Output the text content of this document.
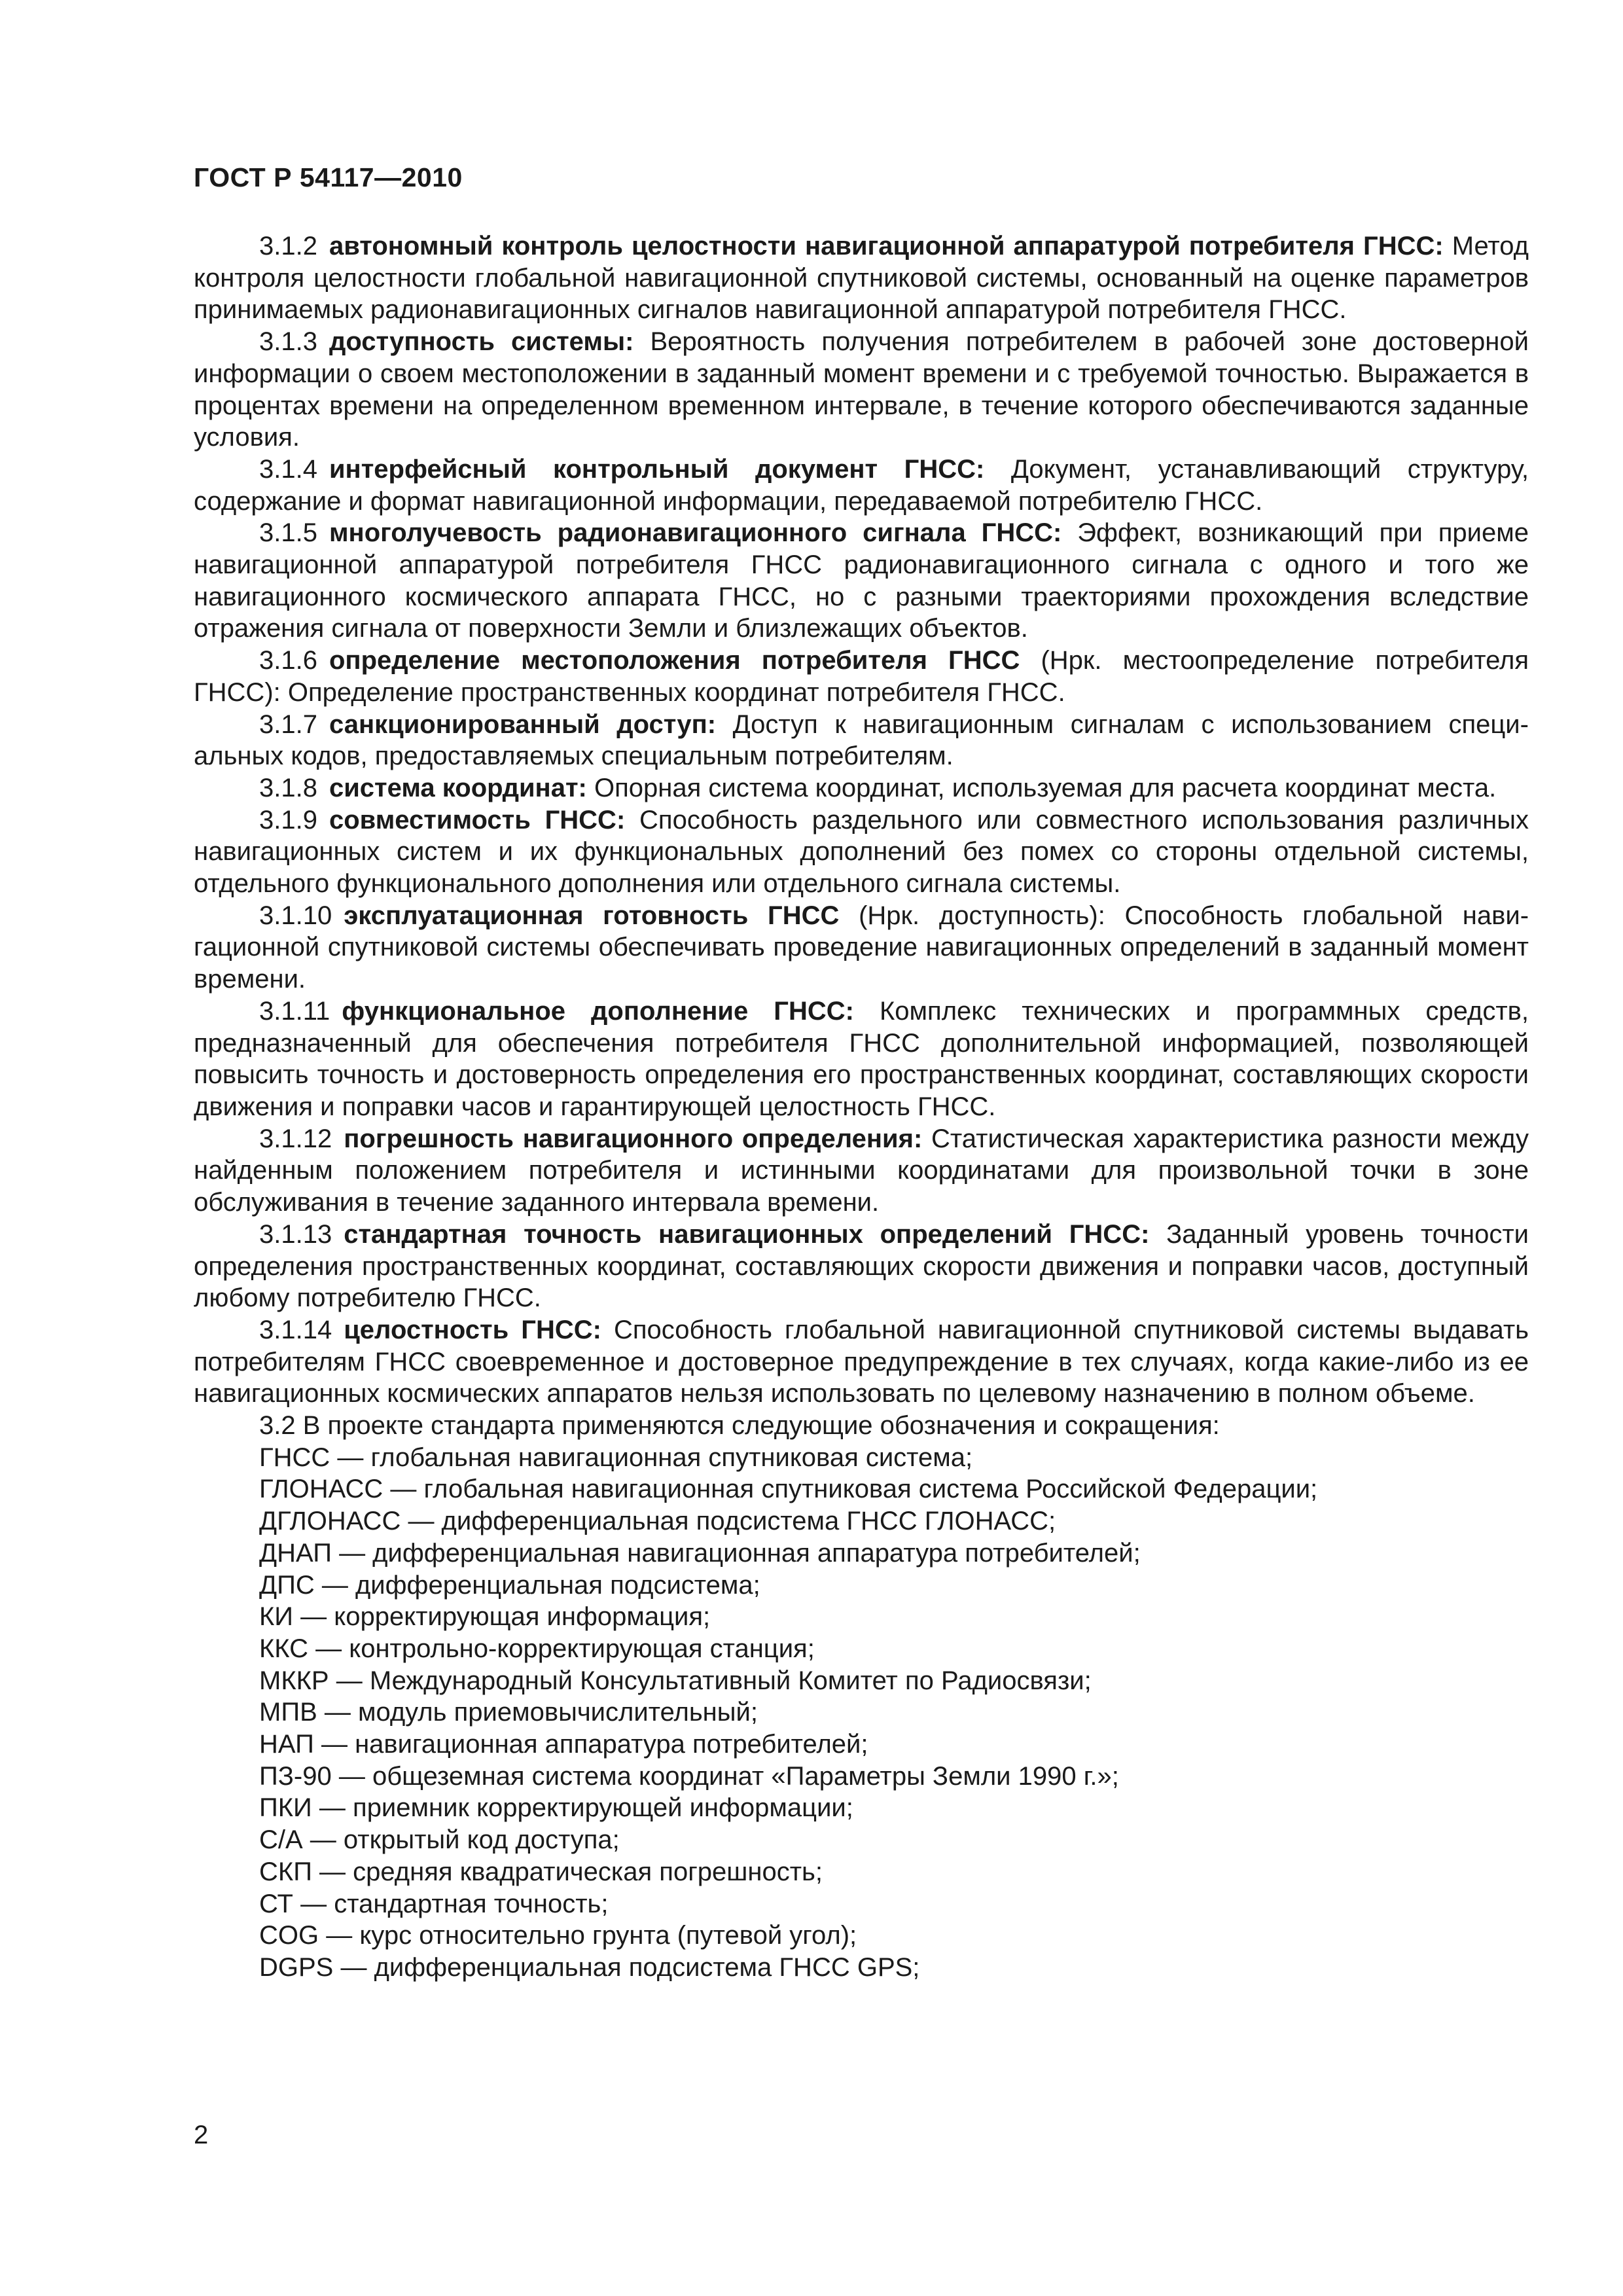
ГОСТ Р 54117—2010

3.1.2 автономный контроль целостности навигационной аппаратурой потребителя ГНСС: Метод контроля целостности глобальной навигационной спутниковой системы, основанный на оценке параметров принимаемых радионавигационных сигналов навигационной аппаратурой потребителя ГНСС.

3.1.3 доступность системы: Вероятность получения потребителем в рабочей зоне достоверной информации о своем местоположении в заданный момент времени и с требуемой точностью. Выражается в процентах времени на определенном временном интервале, в течение которого обеспечиваются заданные условия.

3.1.4 интерфейсный контрольный документ ГНСС: Документ, устанавливающий структуру, содержание и формат навигационной информации, передаваемой потребителю ГНСС.

3.1.5 многолучевость радионавигационного сигнала ГНСС: Эффект, возникающий при приеме навигационной аппаратурой потребителя ГНСС радионавигационного сигнала с одного и того же навигационного космического аппарата ГНСС, но с разными траекториями прохождения вследствие отражения сигнала от поверхности Земли и близлежащих объектов.

3.1.6 определение местоположения потребителя ГНСС (Нрк. местоопределение потребителя ГНСС): Определение пространственных координат потребителя ГНСС.

3.1.7 санкционированный доступ: Доступ к навигационным сигналам с использованием специальных кодов, предоставляемых специальным потребителям.

3.1.8 система координат: Опорная система координат, используемая для расчета координат места.

3.1.9 совместимость ГНСС: Способность раздельного или совместного использования различных навигационных систем и их функциональных дополнений без помех со стороны отдельной системы, отдельного функционального дополнения или отдельного сигнала системы.

3.1.10 эксплуатационная готовность ГНСС (Нрк. доступность): Способность глобальной навигационной спутниковой системы обеспечивать проведение навигационных определений в заданный момент времени.

3.1.11 функциональное дополнение ГНСС: Комплекс технических и программных средств, предназначенный для обеспечения потребителя ГНСС дополнительной информацией, позволяющей повысить точность и достоверность определения его пространственных координат, составляющих скорости движения и поправки часов и гарантирующей целостность ГНСС.

3.1.12 погрешность навигационного определения: Статистическая характеристика разности между найденным положением потребителя и истинными координатами для произвольной точки в зоне обслуживания в течение заданного интервала времени.

3.1.13 стандартная точность навигационных определений ГНСС: Заданный уровень точности определения пространственных координат, составляющих скорости движения и поправки часов, доступный любому потребителю ГНСС.

3.1.14 целостность ГНСС: Способность глобальной навигационной спутниковой системы выдавать потребителям ГНСС своевременное и достоверное предупреждение в тех случаях, когда какие-либо из ее навигационных космических аппаратов нельзя использовать по целевому назначению в полном объеме.

3.2 В проекте стандарта применяются следующие обозначения и сокращения:

ГНСС — глобальная навигационная спутниковая система;

ГЛОНАСС — глобальная навигационная спутниковая система Российской Федерации;

ДГЛОНАСС — дифференциальная подсистема ГНСС ГЛОНАСС;

ДНАП — дифференциальная навигационная аппаратура потребителей;

ДПС — дифференциальная подсистема;

КИ — корректирующая информация;

ККС — контрольно-корректирующая станция;

МККР — Международный Консультативный Комитет по Радиосвязи;

МПВ — модуль приемовычислительный;

НАП — навигационная аппаратура потребителей;

ПЗ-90 — общеземная система координат «Параметры Земли 1990 г.»;

ПКИ — приемник корректирующей информации;

С/А — открытый код доступа;

СКП — средняя квадратическая погрешность;

СТ — стандартная точность;

COG — курс относительно грунта (путевой угол);

DGPS — дифференциальная подсистема ГНСС GPS;

2
